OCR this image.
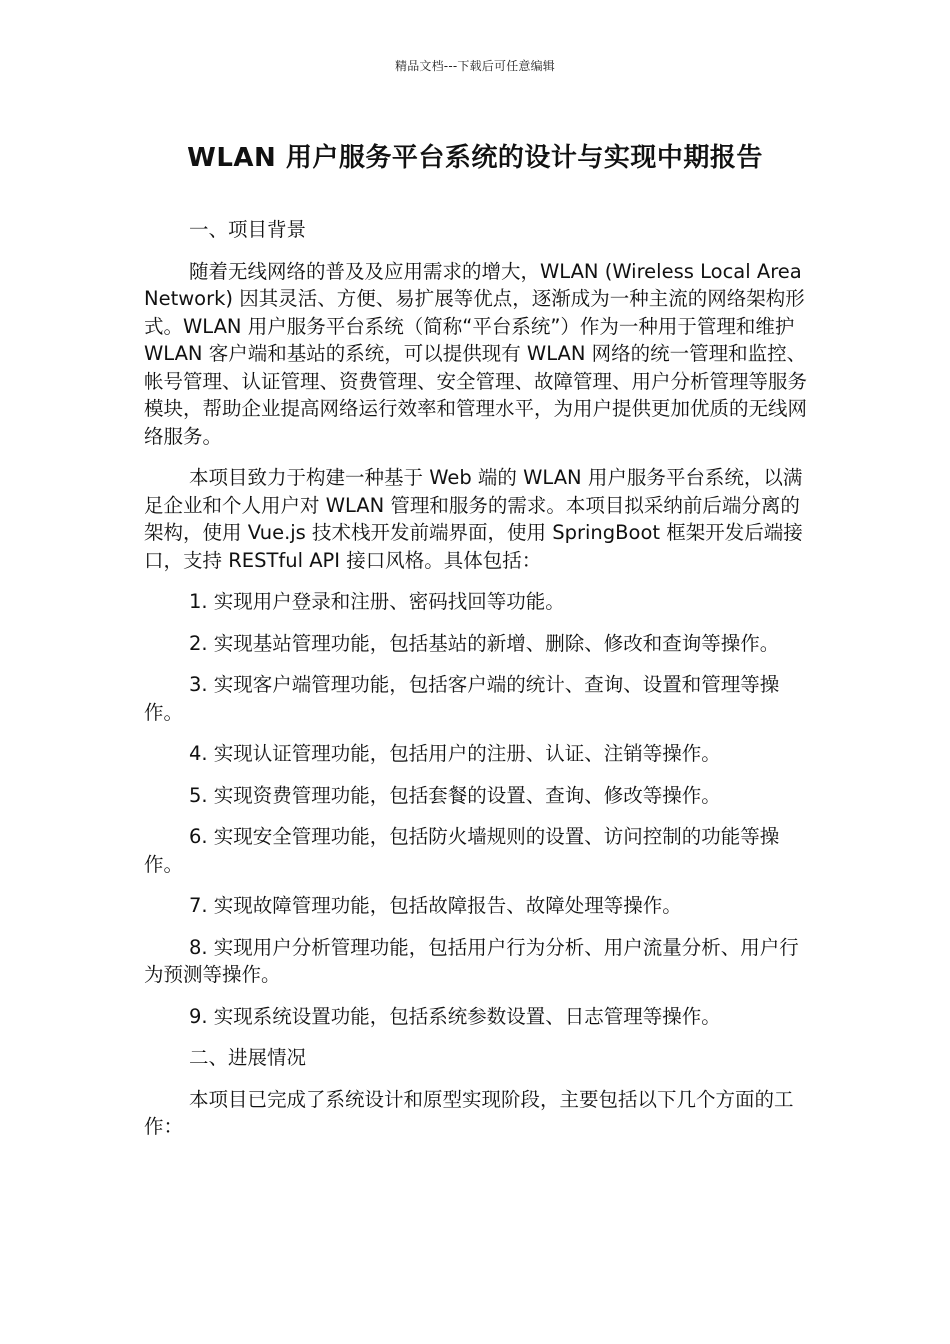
精品文档---下载后可任意编辑
WLAN 用户服务平台系统的设计与实现中期报告

一、项目背景

随着无线网络的普及及应用需求的增大，WLAN (Wireless Local Area Network) 因其灵活、方便、易扩展等优点，逐渐成为一种主流的网络架构形式。WLAN 用户服务平台系统（简称“平台系统”）作为一种用于管理和维护 WLAN 客户端和基站的系统，可以提供现有 WLAN 网络的统一管理和监控、帐号管理、认证管理、资费管理、安全管理、故障管理、用户分析管理等服务模块，帮助企业提高网络运行效率和管理水平，为用户提供更加优质的无线网络服务。

本项目致力于构建一种基于 Web 端的 WLAN 用户服务平台系统，以满足企业和个人用户对 WLAN 管理和服务的需求。本项目拟采纳前后端分离的架构，使用 Vue.js 技术栈开发前端界面，使用 SpringBoot 框架开发后端接口，支持 RESTful API 接口风格。具体包括：

1. 实现用户登录和注册、密码找回等功能。

2. 实现基站管理功能，包括基站的新增、删除、修改和查询等操作。

3. 实现客户端管理功能，包括客户端的统计、查询、设置和管理等操作。

4. 实现认证管理功能，包括用户的注册、认证、注销等操作。

5. 实现资费管理功能，包括套餐的设置、查询、修改等操作。

6. 实现安全管理功能，包括防火墙规则的设置、访问控制的功能等操作。

7. 实现故障管理功能，包括故障报告、故障处理等操作。

8. 实现用户分析管理功能，包括用户行为分析、用户流量分析、用户行为预测等操作。

9. 实现系统设置功能，包括系统参数设置、日志管理等操作。

二、进展情况

本项目已完成了系统设计和原型实现阶段，主要包括以下几个方面的工作：
